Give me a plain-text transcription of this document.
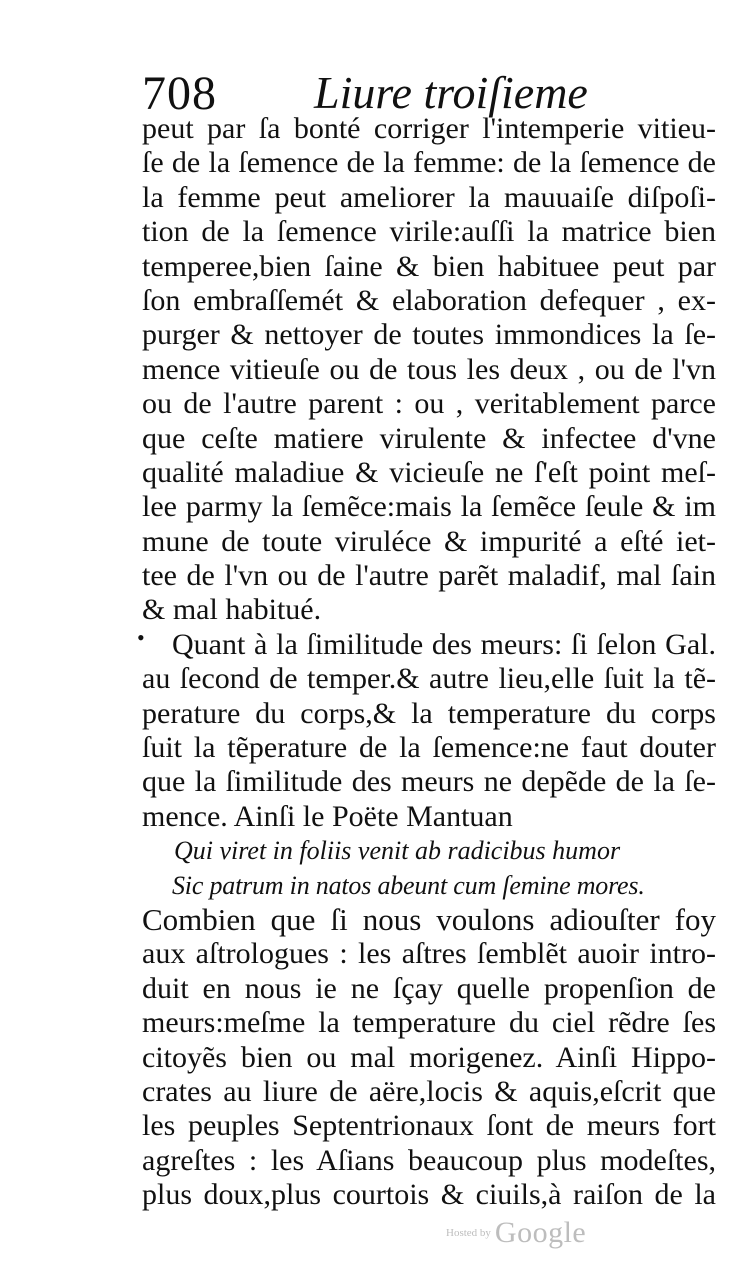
708 Liure troiſieme
•
peut par ſa bonté corriger l'intemperie vitieu-
ſe de la ſemence de la femme: de la ſemence de
la femme peut ameliorer la mauuaiſe diſpoſi-
tion de la ſemence virile:auſſi la matrice bien
temperee,bien ſaine & bien habituee peut par
ſon embraſſemét & elaboration defequer , ex-
purger & nettoyer de toutes immondices la ſe-
mence vitieuſe ou de tous les deux , ou de l'vn
ou de l'autre parent : ou , veritablement parce
que ceſte matiere virulente & infectee d'vne
qualité maladiue & vicieuſe ne ſ'eſt point meſ-
lee parmy la ſemẽce:mais la ſemẽce ſeule & im
mune de toute viruléce & impurité a eſté iet-
tee de l'vn ou de l'autre parẽt maladif, mal ſain
& mal habitué.
Quant à la ſimilitude des meurs: ſi ſelon Gal.
au ſecond de temper.& autre lieu,elle ſuit la tẽ-
perature du corps,& la temperature du corps
ſuit la tẽperature de la ſemence:ne faut douter
que la ſimilitude des meurs ne depẽde de la ſe-
mence. Ainſi le Poëte Mantuan
Qui viret in foliis venit ab radicibus humor
Sic patrum in natos abeunt cum ſemine mores.
Combien que ſi nous voulons adiouſter foy
aux aſtrologues : les aſtres ſemblẽt auoir intro-
duit en nous ie ne ſçay quelle propenſion de
meurs:meſme la temperature du ciel rẽdre ſes
citoyẽs bien ou mal morigenez. Ainſi Hippo-
crates au liure de aëre,locis & aquis,eſcrit que
les peuples Septentrionaux ſont de meurs fort
agreſtes : les Aſians beaucoup plus modeſtes,
plus doux,plus courtois & ciuils,à raiſon de la
Hosted by Google
